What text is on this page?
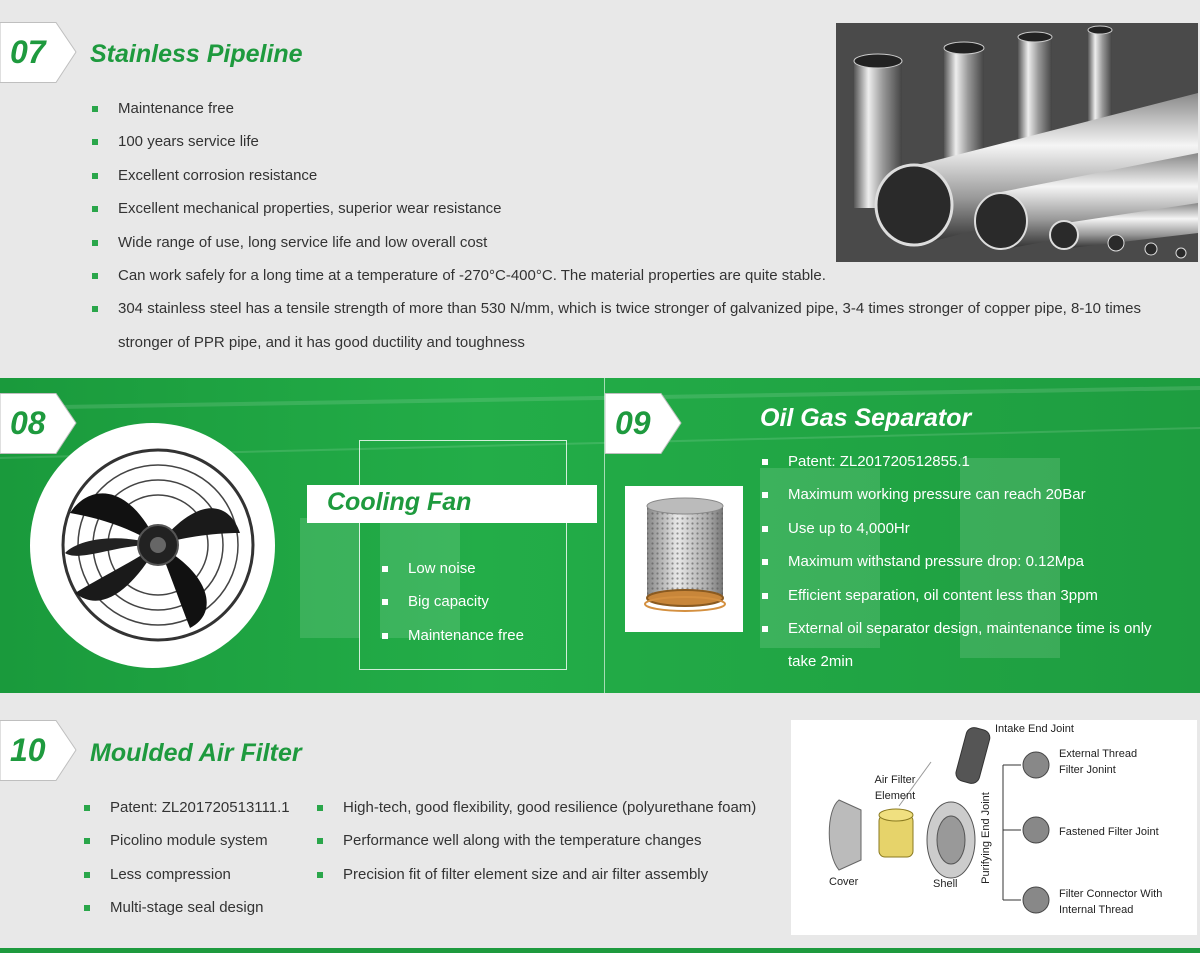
07 Stainless Pipeline
Maintenance free
100 years service life
Excellent corrosion resistance
Excellent mechanical properties, superior wear resistance
Wide range of use, long service life and low overall cost
Can work safely for a long time at a temperature of -270°C-400°C. The material properties are quite stable.
304 stainless steel has a tensile strength of more than 530 N/mm, which is twice stronger of galvanized pipe, 3-4 times stronger of copper pipe, 8-10 times stronger of PPR pipe, and it has good ductility and toughness
08
Cooling Fan
Low noise
Big capacity
Maintenance free
09	Oil Gas Separator
Patent: ZL201720512855.1
Maximum working pressure can reach 20Bar
Use up to 4,000Hr
Maximum withstand pressure drop: 0.12Mpa
Efficient separation, oil content less than 3ppm
External oil separator design, maintenance time is only take 2min
10 Moulded Air Filter
Patent: ZL201720513111.1
Picolino module system
Less compression
Multi-stage seal design
High-tech, good flexibility, good resilience (polyurethane foam)
Performance well along with the temperature changes
Precision fit of filter element size and air filter assembly
Intake End Joint
External Thread Filter Jonint
Air Filter Element
Fastened Filter Joint
Cover	Shell
Filter Connector With Internal Thread
Purifying End Joint
